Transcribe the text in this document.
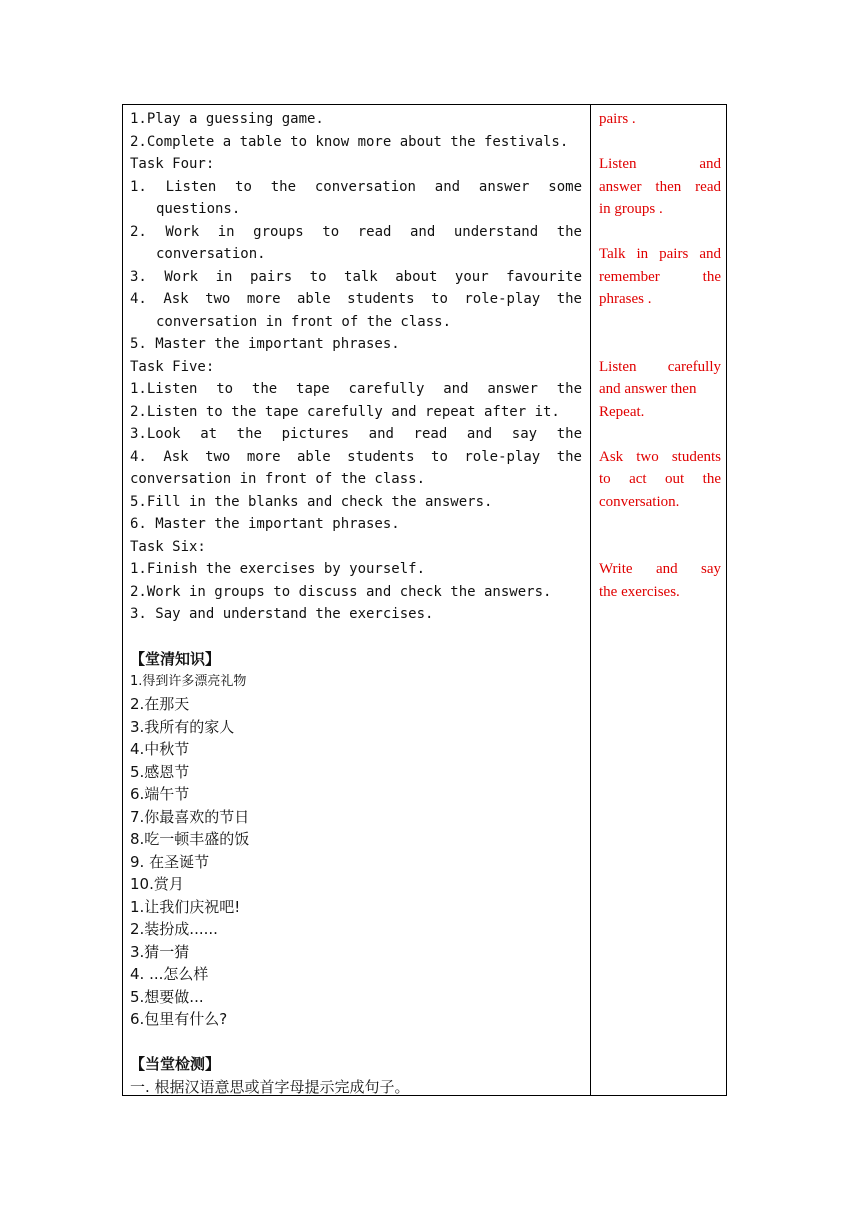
1.Play a guessing game.
2.Complete a table to know more about the festivals.
Task Four:
1. Listen to the conversation and answer some
questions.
2. Work in groups to read and understand the
conversation.
3. Work in pairs to talk about your favourite
4. Ask two more able students to role-play the
conversation in front of the class.
5. Master the important phrases.
Task Five:
1.Listen to the tape carefully and answer the
2.Listen to the tape carefully and repeat after it.
3.Look at the pictures and read and say the
4. Ask two more able students to role-play the
conversation in front of the class.
5.Fill in the blanks and check the answers.
6. Master the important phrases.
Task Six:
1.Finish the exercises by yourself.
2.Work in groups to discuss and check the answers.
3. Say and understand the exercises.
【堂清知识】
1.得到许多漂亮礼物
2.在那天
3.我所有的家人
4.中秋节
5.感恩节
6.端午节
7.你最喜欢的节日
8.吃一顿丰盛的饭
9. 在圣诞节
10.赏月
1.让我们庆祝吧!
2.装扮成......
3.猜一猜
4. ...怎么样
5.想要做...
6.包里有什么?
【当堂检测】
一. 根据汉语意思或首字母提示完成句子。
pairs .
Listen and
answer then read
in groups .
Talk in pairs and
remember the
phrases .
Listen carefully
and answer then
Repeat.
Ask two students
to act out the
conversation.
Write and say
the exercises.
